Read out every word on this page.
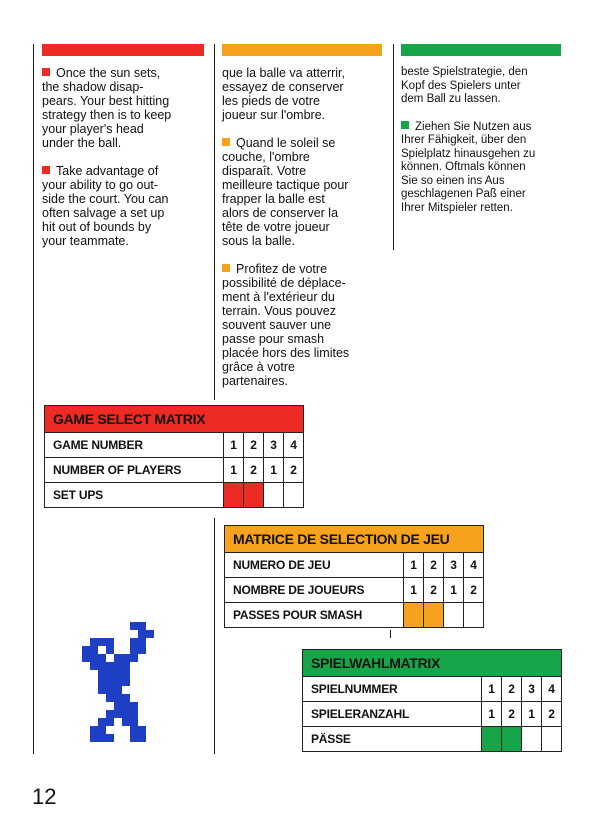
Once the sun sets,
the shadow disap-
pears. Your best hitting
strategy then is to keep
your player's head
under the ball.

Take advantage of
your ability to go out-
side the court. You can
often salvage a set up
hit out of bounds by
your teammate.

que la balle va atterrir,
essayez de conserver
les pieds de votre
joueur sur l'ombre.

Quand le soleil se
couche, l'ombre
disparaît. Votre
meilleure tactique pour
frapper la balle est
alors de conserver la
tête de votre joueur
sous la balle.

Profitez de votre
possibilité de déplace-
ment à l'extérieur du
terrain. Vous pouvez
souvent sauver une
passe pour smash
placée hors des limites
grâce à votre
partenaires.

beste Spielstrategie, den
Kopf des Spielers unter
dem Ball zu lassen.

Ziehen Sie Nutzen aus
Ihrer Fähigkeit, über den
Spielplatz hinausgehen zu
können. Oftmals können
Sie so einen ins Aus
geschlagenen Paß einer
Ihrer Mitspieler retten.

GAME SELECT MATRIX				
GAME NUMBER	1	2	3	4
NUMBER OF PLAYERS	1	2	1	2
SET UPS				
MATRICE DE SELECTION DE JEU				
NUMERO DE JEU	1	2	3	4
NOMBRE DE JOUEURS	1	2	1	2
PASSES POUR SMASH				
SPIELWAHLMATRIX				
SPIELNUMMER	1	2	3	4
SPIELERANZAHL	1	2	1	2
PÄSSE				
12
